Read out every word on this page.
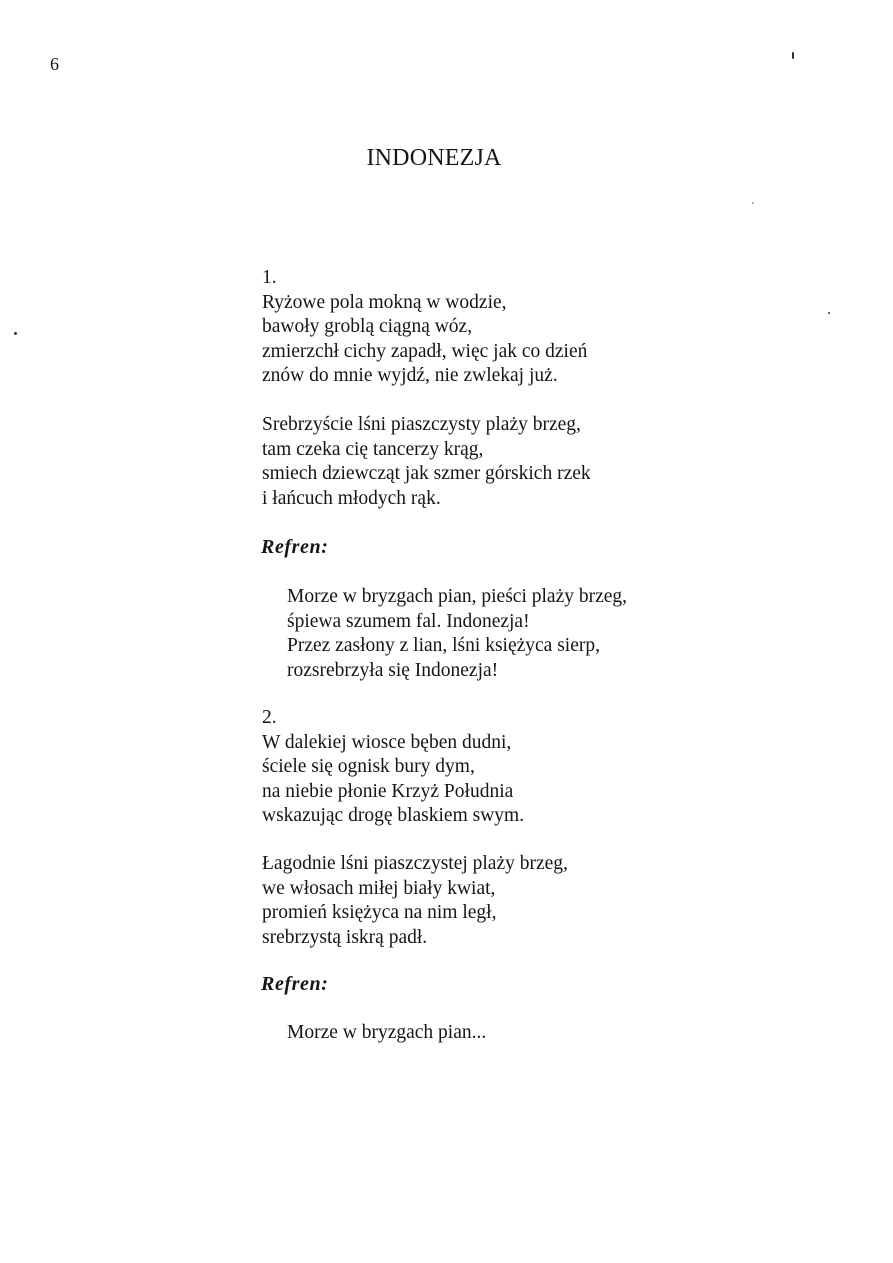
6
INDONEZJA
1.
Ryżowe pola mokną w wodzie,
bawoły groblą ciągną wóz,
zmierzchł cichy zapadł, więc jak co dzień
znów do mnie wyjdź, nie zwlekaj już.
Srebrzyście lśni piaszczysty plaży brzeg,
tam czeka cię tancerzy krąg,
smiech dziewcząt jak szmer górskich rzek
i łańcuch młodych rąk.
Refren:
Morze w bryzgach pian, pieści plaży brzeg,
śpiewa szumem fal. Indonezja!
Przez zasłony z lian, lśni księżyca sierp,
rozsrebrzyła się Indonezja!
2.
W dalekiej wiosce bęben dudni,
ściele się ognisk bury dym,
na niebie płonie Krzyż Południa
wskazując drogę blaskiem swym.
Łagodnie lśni piaszczystej plaży brzeg,
we włosach miłej biały kwiat,
promień księżyca na nim legł,
srebrzystą iskrą padł.
Refren:
Morze w bryzgach pian...
